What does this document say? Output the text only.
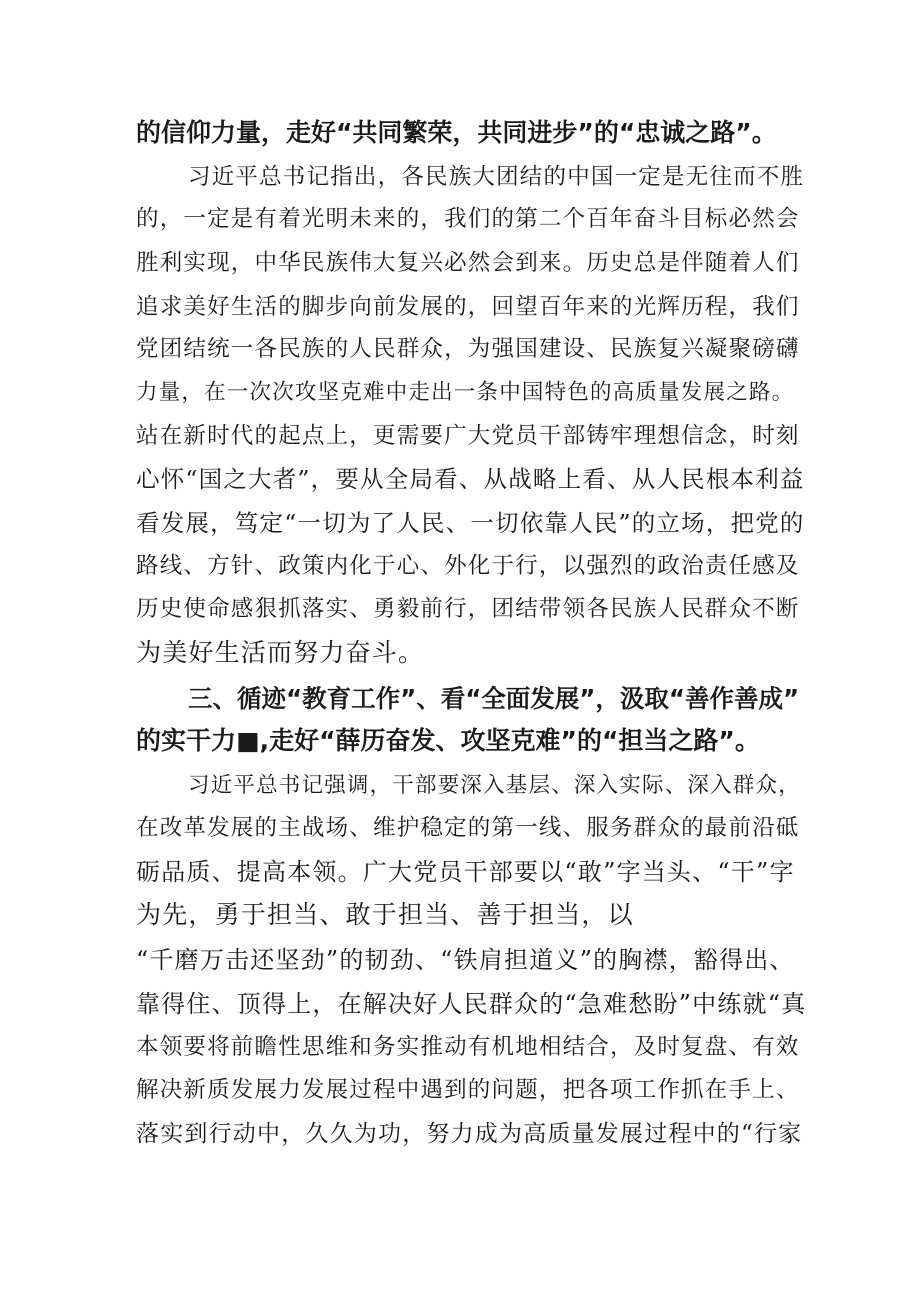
的信仰力量，走好“共同繁荣，共同进步”的“忠诚之路”。
习近平总书记指出，各民族大团结的中国一定是无往而不胜
的，一定是有着光明未来的，我们的第二个百年奋斗目标必然会
胜利实现，中华民族伟大复兴必然会到来。历史总是伴随着人们
追求美好生活的脚步向前发展的，回望百年来的光辉历程，我们
党团结统一各民族的人民群众，为强国建设、民族复兴凝聚磅礴
力量，在一次次攻坚克难中走出一条中国特色的高质量发展之路。
站在新时代的起点上，更需要广大党员干部铸牢理想信念，时刻
心怀“国之大者”，要从全局看、从战略上看、从人民根本利益
看发展，笃定“一切为了人民、一切依靠人民”的立场，把党的
路线、方针、政策内化于心、外化于行，以强烈的政治责任感及
历史使命感狠抓落实、勇毅前行，团结带领各民族人民群众不断
为美好生活而努力奋斗。
三、循迹“教育工作”、看“全面发展”，汲取“善作善成”
的实干力■,走好“薛历奋发、攻坚克难”的“担当之路”。
习近平总书记强调，干部要深入基层、深入实际、深入群众，
在改革发展的主战场、维护稳定的第一线、服务群众的最前沿砥
砺品质、提高本领。广大党员干部要以“敢”字当头、“干”字
为先，勇于担当、敢于担当、善于担当，以
“千磨万击还坚劲”的韧劲、“铁肩担道义”的胸襟，豁得出、
靠得住、顶得上，在解决好人民群众的“急难愁盼”中练就“真
本领要将前瞻性思维和务实推动有机地相结合，及时复盘、有效
解决新质发展力发展过程中遇到的问题，把各项工作抓在手上、
落实到行动中，久久为功，努力成为高质量发展过程中的“行家
